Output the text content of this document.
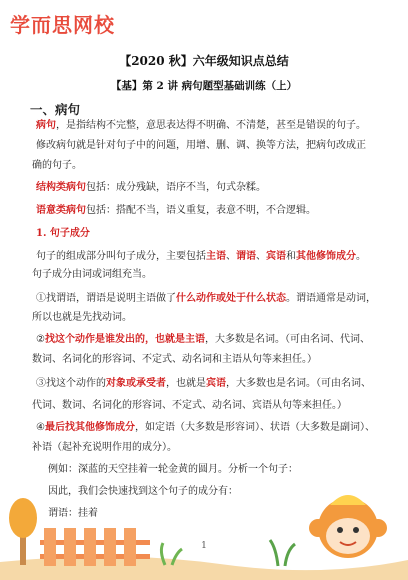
学而思网校
【2020 秋】六年级知识点总结
【基】第 2 讲 病句题型基础训练（上）
一、病句
病句，是指结构不完整，意思表达得不明确、不清楚，甚至是错误的句子。
修改病句就是针对句子中的问题，用增、删、调、换等方法，把病句改成正
确的句子。
结构类病句包括：成分残缺，语序不当，句式杂糅。
语意类病句包括：搭配不当，语义重复，表意不明，不合逻辑。
1. 句子成分
句子的组成部分叫句子成分，主要包括主语、谓语、宾语和其他修饰成分。
句子成分由词或词组充当。
①找谓语，谓语是说明主语做了什么动作或处于什么状态。谓语通常是动词，
所以也就是先找动词。
②找这个动作是谁发出的，也就是主语，大多数是名词。（可由名词、代词、
数词、名词化的形容词、不定式、动名词和主语从句等来担任。）
③找这个动作的对象或承受者，也就是宾语，大多数也是名词。（可由名词、
代词、数词、名词化的形容词、不定式、动名词、宾语从句等来担任。）
④最后找其他修饰成分，如定语（大多数是形容词）、状语（大多数是副词）、
补语（起补充说明作用的成分）。
例如：深蓝的天空挂着一轮金黄的圆月。分析一个句子：
因此，我们会快速找到这个句子的成分有：
谓语：挂着
1
